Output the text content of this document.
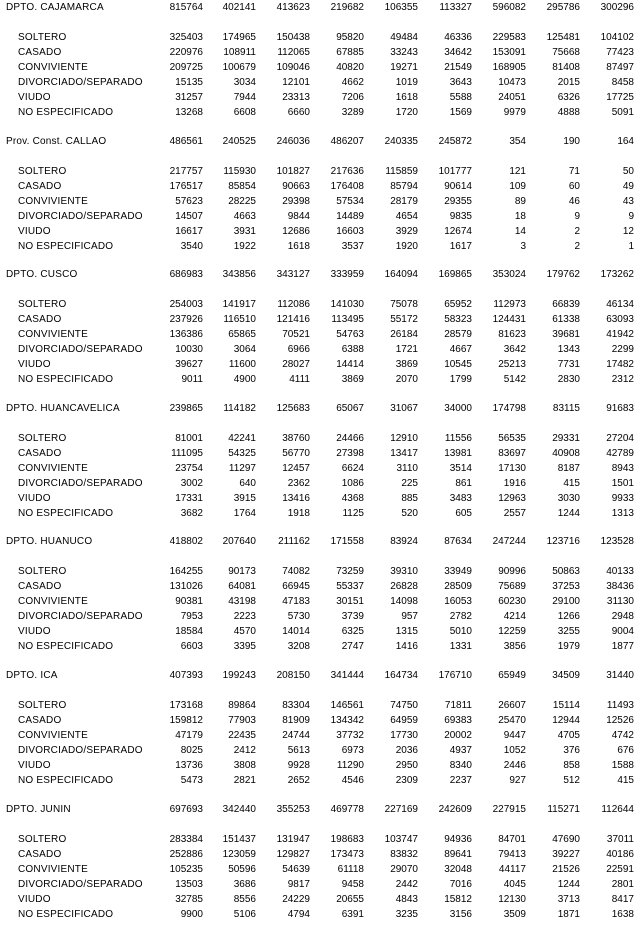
DPTO. CAJAMARCA	815764	402141	413623	219682	106355	113327	596082	295786	300296
SOLTERO	325403	174965	150438	95820	49484	46336	229583	125481	104102
CASADO	220976	108911	112065	67885	33243	34642	153091	75668	77423
CONVIVIENTE	209725	100679	109046	40820	19271	21549	168905	81408	87497
DIVORCIADO/SEPARADO	15135	3034	12101	4662	1019	3643	10473	2015	8458
VIUDO	31257	7944	23313	7206	1618	5588	24051	6326	17725
NO ESPECIFICADO	13268	6608	6660	3289	1720	1569	9979	4888	5091
Prov. Const. CALLAO	486561	240525	246036	486207	240335	245872	354	190	164
SOLTERO	217757	115930	101827	217636	115859	101777	121	71	50
CASADO	176517	85854	90663	176408	85794	90614	109	60	49
CONVIVIENTE	57623	28225	29398	57534	28179	29355	89	46	43
DIVORCIADO/SEPARADO	14507	4663	9844	14489	4654	9835	18	9	9
VIUDO	16617	3931	12686	16603	3929	12674	14	2	12
NO ESPECIFICADO	3540	1922	1618	3537	1920	1617	3	2	1
DPTO. CUSCO	686983	343856	343127	333959	164094	169865	353024	179762	173262
SOLTERO	254003	141917	112086	141030	75078	65952	112973	66839	46134
CASADO	237926	116510	121416	113495	55172	58323	124431	61338	63093
CONVIVIENTE	136386	65865	70521	54763	26184	28579	81623	39681	41942
DIVORCIADO/SEPARADO	10030	3064	6966	6388	1721	4667	3642	1343	2299
VIUDO	39627	11600	28027	14414	3869	10545	25213	7731	17482
NO ESPECIFICADO	9011	4900	4111	3869	2070	1799	5142	2830	2312
DPTO. HUANCAVELICA	239865	114182	125683	65067	31067	34000	174798	83115	91683
SOLTERO	81001	42241	38760	24466	12910	11556	56535	29331	27204
CASADO	111095	54325	56770	27398	13417	13981	83697	40908	42789
CONVIVIENTE	23754	11297	12457	6624	3110	3514	17130	8187	8943
DIVORCIADO/SEPARADO	3002	640	2362	1086	225	861	1916	415	1501
VIUDO	17331	3915	13416	4368	885	3483	12963	3030	9933
NO ESPECIFICADO	3682	1764	1918	1125	520	605	2557	1244	1313
DPTO. HUANUCO	418802	207640	211162	171558	83924	87634	247244	123716	123528
SOLTERO	164255	90173	74082	73259	39310	33949	90996	50863	40133
CASADO	131026	64081	66945	55337	26828	28509	75689	37253	38436
CONVIVIENTE	90381	43198	47183	30151	14098	16053	60230	29100	31130
DIVORCIADO/SEPARADO	7953	2223	5730	3739	957	2782	4214	1266	2948
VIUDO	18584	4570	14014	6325	1315	5010	12259	3255	9004
NO ESPECIFICADO	6603	3395	3208	2747	1416	1331	3856	1979	1877
DPTO. ICA	407393	199243	208150	341444	164734	176710	65949	34509	31440
SOLTERO	173168	89864	83304	146561	74750	71811	26607	15114	11493
CASADO	159812	77903	81909	134342	64959	69383	25470	12944	12526
CONVIVIENTE	47179	22435	24744	37732	17730	20002	9447	4705	4742
DIVORCIADO/SEPARADO	8025	2412	5613	6973	2036	4937	1052	376	676
VIUDO	13736	3808	9928	11290	2950	8340	2446	858	1588
NO ESPECIFICADO	5473	2821	2652	4546	2309	2237	927	512	415
DPTO. JUNIN	697693	342440	355253	469778	227169	242609	227915	115271	112644
SOLTERO	283384	151437	131947	198683	103747	94936	84701	47690	37011
CASADO	252886	123059	129827	173473	83832	89641	79413	39227	40186
CONVIVIENTE	105235	50596	54639	61118	29070	32048	44117	21526	22591
DIVORCIADO/SEPARADO	13503	3686	9817	9458	2442	7016	4045	1244	2801
VIUDO	32785	8556	24229	20655	4843	15812	12130	3713	8417
NO ESPECIFICADO	9900	5106	4794	6391	3235	3156	3509	1871	1638
